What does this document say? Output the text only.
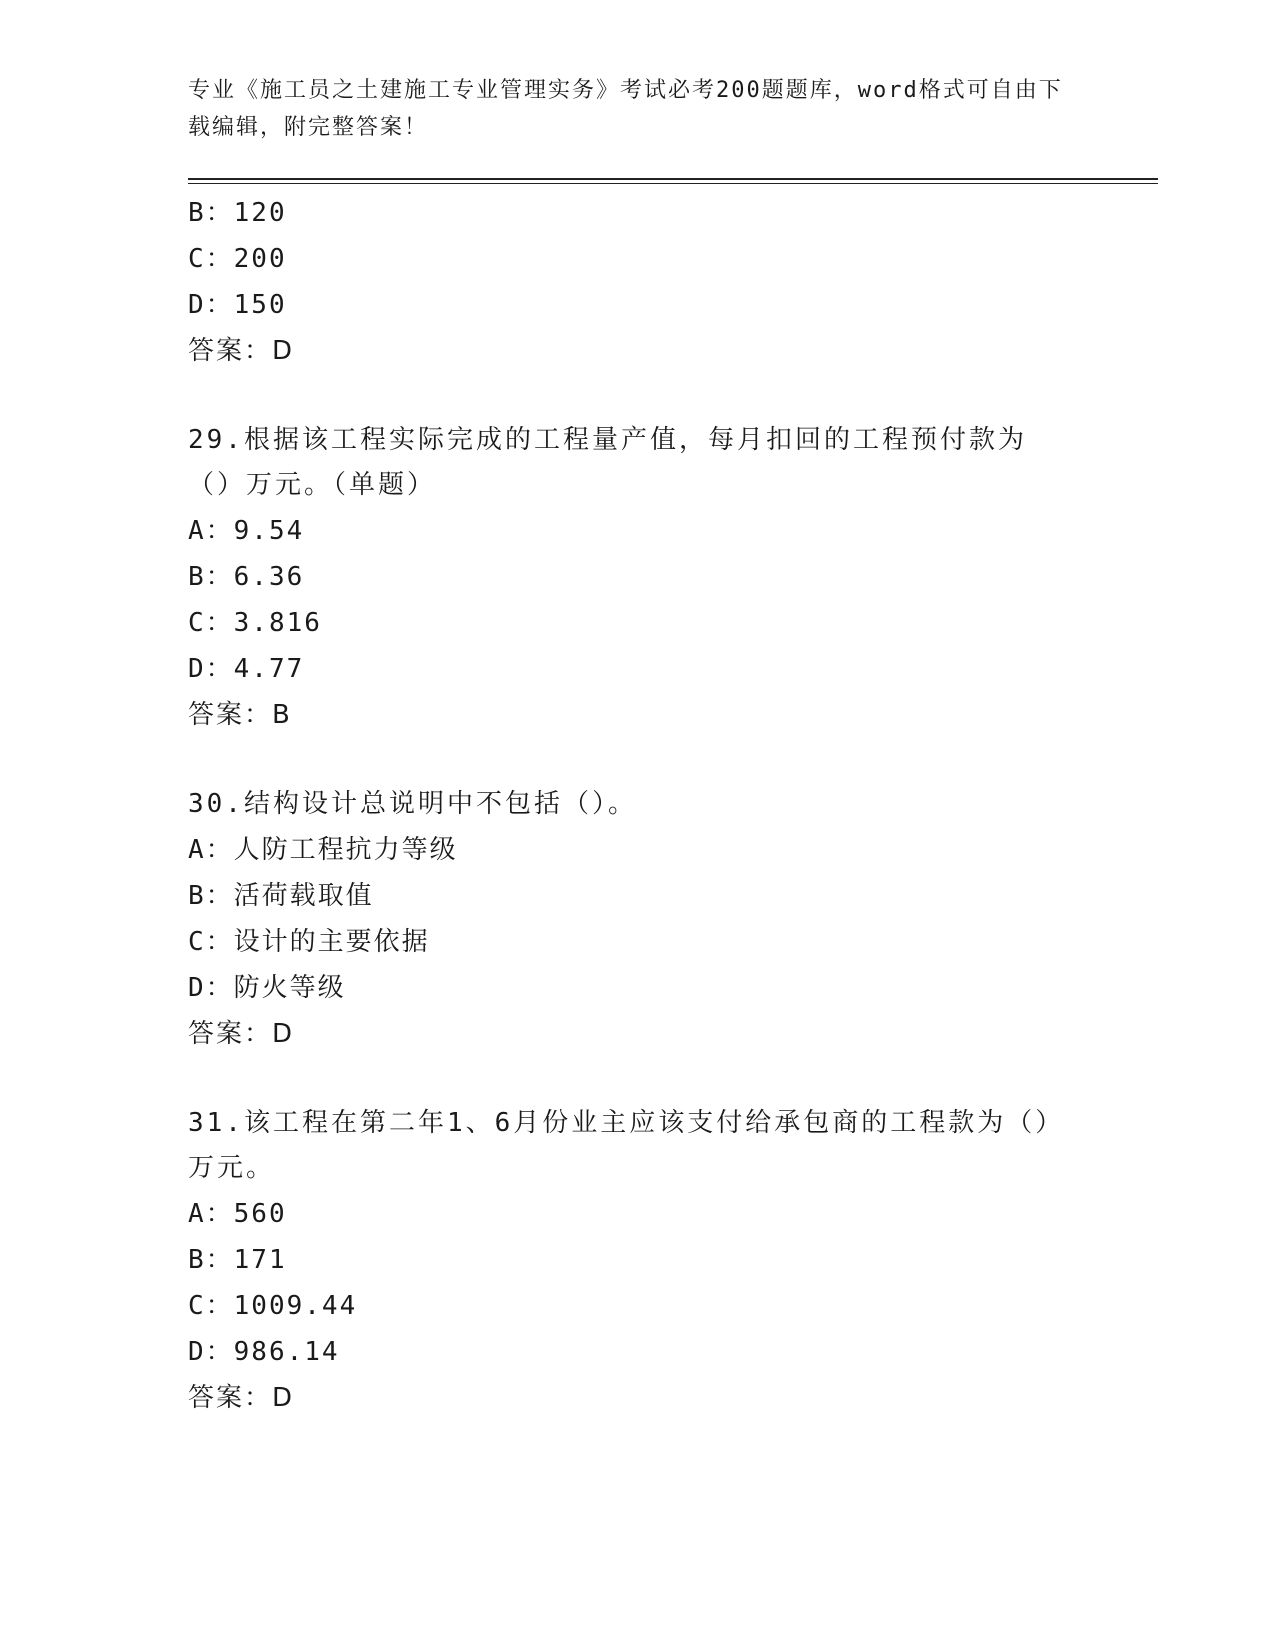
专业《施工员之土建施工专业管理实务》考试必考200题题库，word格式可自由下载编辑，附完整答案！
B：120
C：200
D：150
答案：D
29.根据该工程实际完成的工程量产值，每月扣回的工程预付款为（）万元。（单题）
A：9.54
B：6.36
C：3.816
D：4.77
答案：B
30.结构设计总说明中不包括（）。
A：人防工程抗力等级
B：活荷载取值
C：设计的主要依据
D：防火等级
答案：D
31.该工程在第二年1、6月份业主应该支付给承包商的工程款为（）万元。
A：560
B：171
C：1009.44
D：986.14
答案：D
